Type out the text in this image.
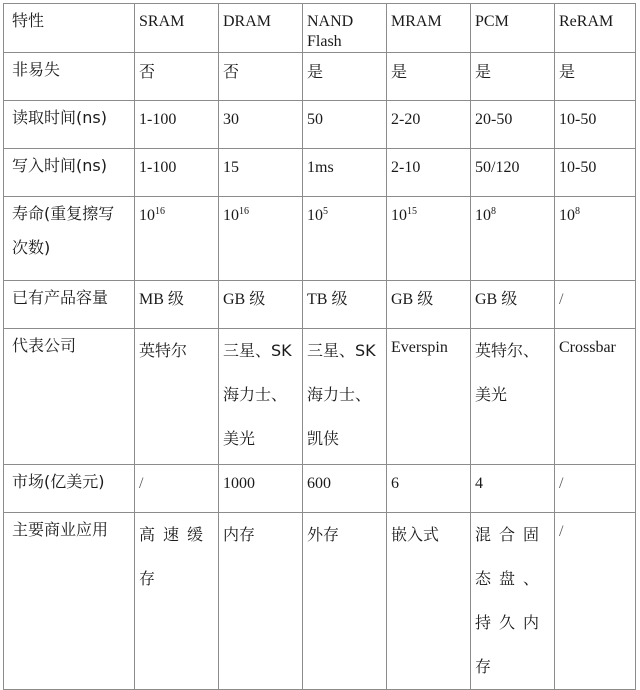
特性	SRAM	DRAM	NAND Flash	MRAM	PCM	ReRAM
非易失	否	否	是	是	是	是
读取时间(ns)	1-100	30	50	2-20	20-50	10-50
写入时间(ns)	1-100	15	1ms	2-10	50/120	10-50
寿命(重复擦写次数)	$10^{16}$	$10^{16}$	$10^5$	$10^{15}$	$10^8$	$10^8$
已有产品容量	MB 级	GB 级	TB 级	GB 级	GB 级	/
代表公司	英特尔	三星、SK 海力士、美光	三星、SK 海力士、凯侠	Everspin	英特尔、美光	Crossbar
市场(亿美元)	/	1000	600	6	4	/
主要商业应用	高速缓存	内存	外存	嵌入式	混合固态盘、持久内存	/
